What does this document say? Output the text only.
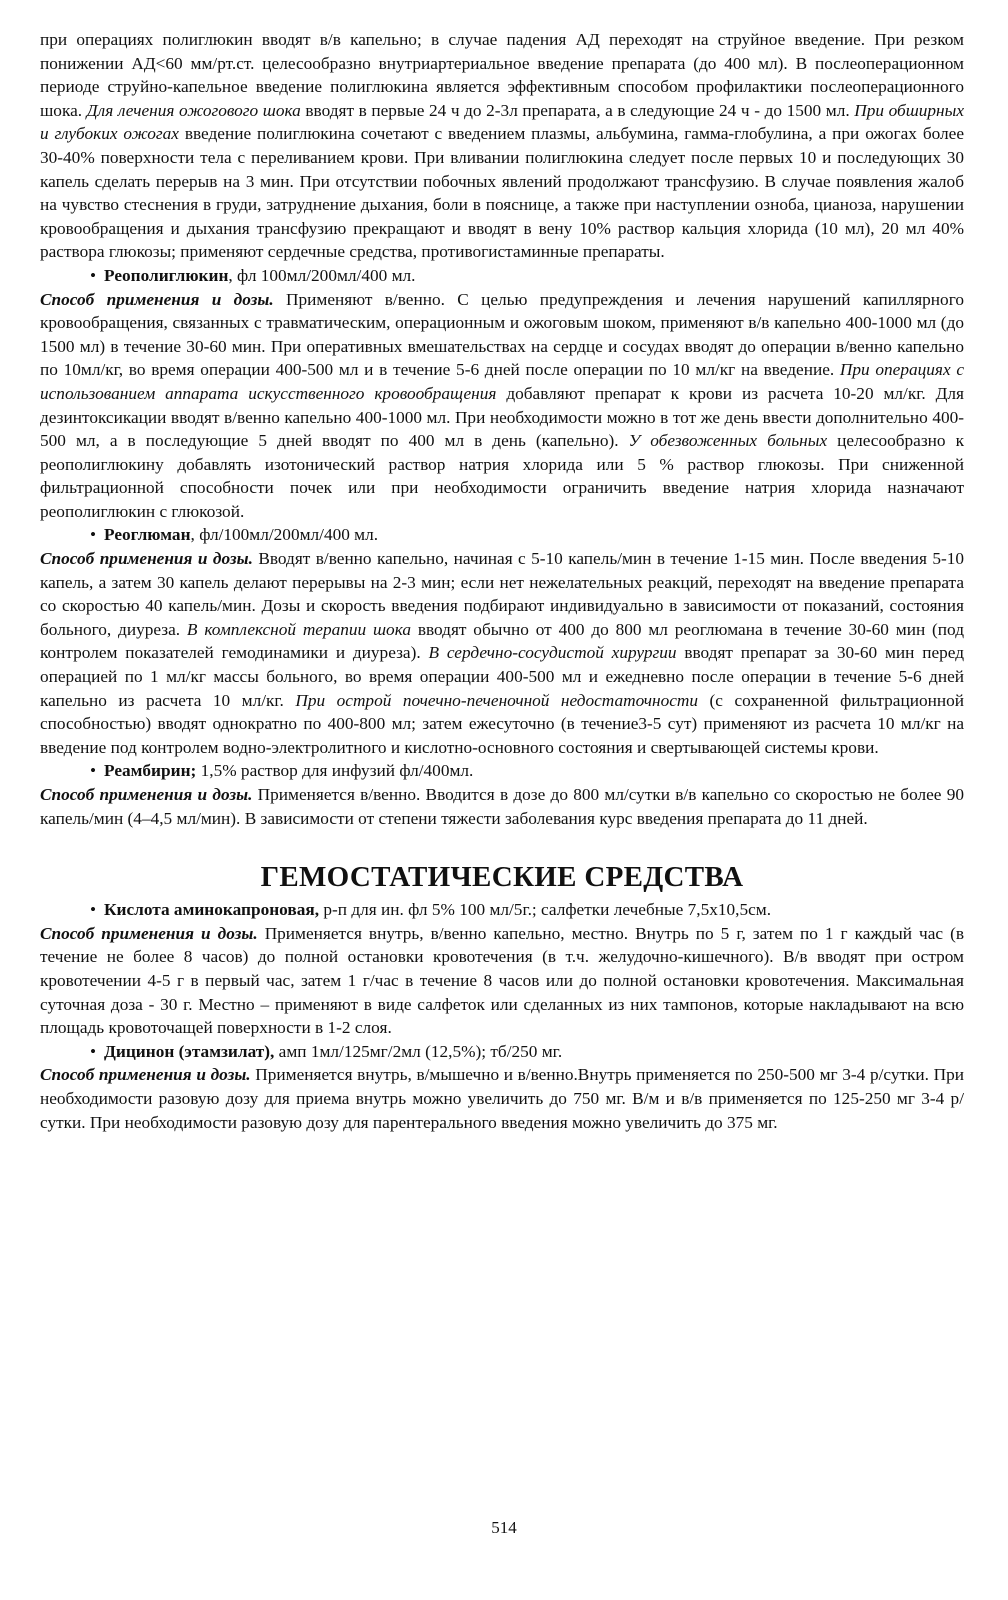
при операциях полиглюкин вводят в/в капельно; в случае падения АД переходят на струйное введение. При резком понижении АД<60 мм/рт.ст. целесообразно внутриартериальное введение препарата (до 400 мл). В послеоперационном периоде струйно-капельное введение полиглюкина является эффективным способом профилактики послеоперационного шока. Для лечения ожогового шока вводят в первые 24 ч до 2-3л препарата, а в следующие 24 ч - до 1500 мл. При обширных и глубоких ожогах введение полиглюкина сочетают с введением плазмы, альбумина, гамма-глобулина, а при ожогах более 30-40% поверхности тела с переливанием крови. При вливании полиглюкина следует после первых 10 и последующих 30 капель сделать перерыв на 3 мин. При отсутствии побочных явлений продолжают трансфузию. В случае появления жалоб на чувство стеснения в груди, затруднение дыхания, боли в пояснице, а также при наступлении озноба, цианоза, нарушении кровообращения и дыхания трансфузию прекращают и вводят в вену 10% раствор кальция хлорида (10 мл), 20 мл 40% раствора глюкозы; применяют сердечные средства, противогистаминные препараты.

• Реополиглюкин, фл 100мл/200мл/400 мл.

Способ применения и дозы. Применяют в/венно. С целью предупреждения и лечения нарушений капиллярного кровообращения, связанных с травматическим, операционным и ожоговым шоком, применяют в/в капельно 400-1000 мл (до 1500 мл) в течение 30-60 мин. При оперативных вмешательствах на сердце и сосудах вводят до операции в/венно капельно по 10мл/кг, во время операции 400-500 мл и в течение 5-6 дней после операции по 10 мл/кг на введение. При операциях с использованием аппарата искусственного кровообращения добавляют препарат к крови из расчета 10-20 мл/кг. Для дезинтоксикации вводят в/венно капельно 400-1000 мл. При необходимости можно в тот же день ввести дополнительно 400-500 мл, а в последующие 5 дней вводят по 400 мл в день (капельно). У обезвоженных больных целесообразно к реополиглюкину добавлять изотонический раствор натрия хлорида или 5 % раствор глюкозы. При сниженной фильтрационной способности почек или при необходимости ограничить введение натрия хлорида назначают реополиглюкин с глюкозой.

• Реоглюман, фл/100мл/200мл/400 мл.

Способ применения и дозы. Вводят в/венно капельно, начиная с 5-10 капель/мин в течение 1-15 мин. После введения 5-10 капель, а затем 30 капель делают перерывы на 2-3 мин; если нет нежелательных реакций, переходят на введение препарата со скоростью 40 капель/мин. Дозы и скорость введения подбирают индивидуально в зависимости от показаний, состояния больного, диуреза. В комплексной терапии шока вводят обычно от 400 до 800 мл реоглюмана в течение 30-60 мин (под контролем показателей гемодинамики и диуреза). В сердечно-сосудистой хирургии вводят препарат за 30-60 мин перед операцией по 1 мл/кг массы больного, во время операции 400-500 мл и ежедневно после операции в течение 5-6 дней капельно из расчета 10 мл/кг. При острой почечно-печеночной недостаточности (с сохраненной фильтрационной способностью) вводят однократно по 400-800 мл; затем ежесуточно (в течение3-5 сут) применяют из расчета 10 мл/кг на введение под контролем водно-электролитного и кислотно-основного состояния и свертывающей системы крови.

• Реамбирин; 1,5% раствор для инфузий фл/400мл.

Способ применения и дозы. Применяется в/венно. Вводится в дозе до 800 мл/сутки в/в капельно со скоростью не более 90 капель/мин (4–4,5 мл/мин). В зависимости от степени тяжести заболевания курс введения препарата до 11 дней.

ГЕМОСТАТИЧЕСКИЕ СРЕДСТВА

• Кислота аминокапроновая, р-п для ин. фл 5% 100 мл/5г.; салфетки лечебные 7,5х10,5см.

Способ применения и дозы. Применяется внутрь, в/венно капельно, местно. Внутрь по 5 г, затем по 1 г каждый час (в течение не более 8 часов) до полной остановки кровотечения (в т.ч. желудочно-кишечного). В/в вводят при остром кровотечении 4-5 г в первый час, затем 1 г/час в течение 8 часов или до полной остановки кровотечения. Максимальная суточная доза - 30 г. Местно – применяют в виде салфеток или сделанных из них тампонов, которые накладывают на всю площадь кровоточащей поверхности в 1-2 слоя.

• Дицинон (этамзилат), амп 1мл/125мг/2мл (12,5%); тб/250 мг.

Способ применения и дозы. Применяется внутрь, в/мышечно и в/венно.Внутрь применяется по 250-500 мг 3-4 р/сутки. При необходимости разовую дозу для приема внутрь можно увеличить до 750 мг. В/м и в/в применяется по 125-250 мг 3-4 р/сутки. При необходимости разовую дозу для парентерального введения можно увеличить до 375 мг.

514
